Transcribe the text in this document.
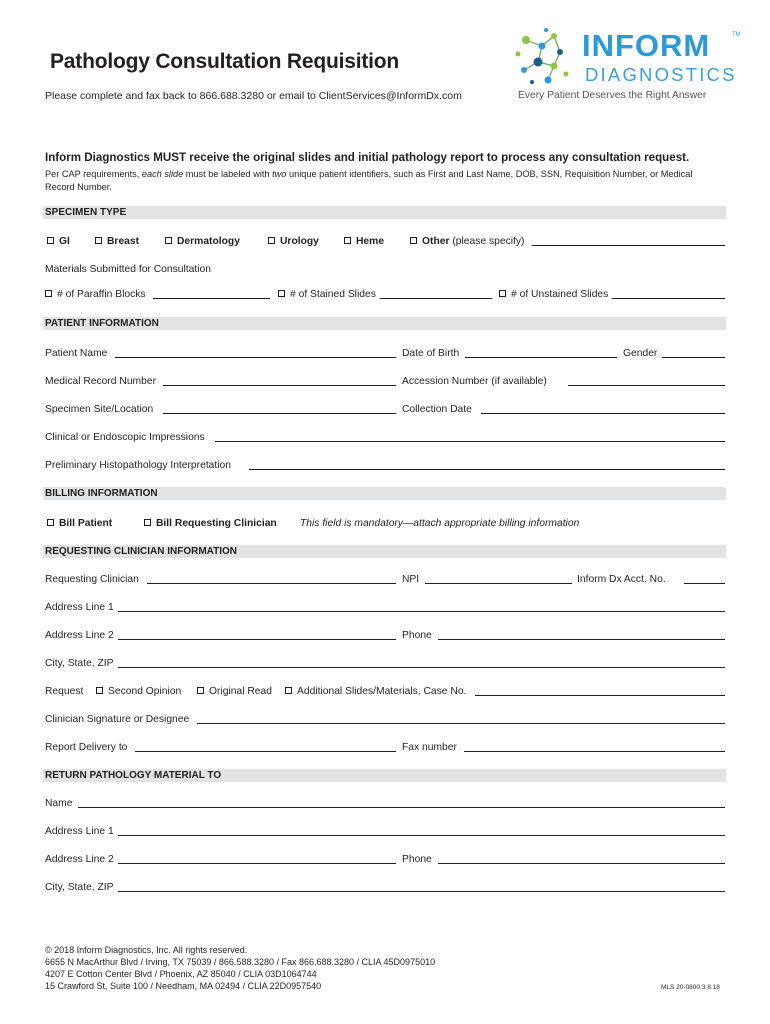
Pathology Consultation Requisition
Please complete and fax back to 866.688.3280 or email to ClientServices@InformDx.com
INFORM	TM
DIAGNOSTICS
Every Patient Deserves the Right Answer
Inform Diagnostics MUST receive the original slides and initial pathology report to process any consultation request.
Per CAP requirements, each slide must be labeled with two unique patient identifiers, such as First and Last Name, DOB, SSN, Requisition Number, or Medical Record Number.
SPECIMEN TYPE
GI	Breast	Dermatology	Urology	Heme	Other (please specify)
Materials Submitted for Consultation
# of Paraffin Blocks	# of Stained Slides	# of Unstained Slides
PATIENT INFORMATION
Patient Name	Date of Birth	Gender
Medical Record Number	Accession Number (if available)
Specimen Site/Location	Collection Date
Clinical or Endoscopic Impressions
Preliminary Histopathology Interpretation
BILLING INFORMATION
Bill Patient	Bill Requesting Clinician This field is mandatory—attach appropriate billing information
REQUESTING CLINICIAN INFORMATION
Requesting Clinician	NPI	Inform Dx Acct. No.
Address Line 1
Address Line 2	Phone
City, State, ZIP
Request	Second Opinion	Original Read	Additional Slides/Materials, Case No.
Clinician Signature or Designee
Report Delivery to	Fax number
RETURN PATHOLOGY MATERIAL TO
Name
Address Line 1
Address Line 2	Phone
City, State, ZIP
© 2018 Inform Diagnostics, Inc. All rights reserved.
6655 N MacArthur Blvd / Irving, TX 75039 / 866.588.3280 / Fax 866.688.3280 / CLIA 45D0975010
4207 E Cotton Center Blvd / Phoenix, AZ 85040 / CLIA 03D1064744
15 Crawford St, Suite 100 / Needham, MA 02494 / CLIA 22D0957540	MLS 20-0800.3 8.18
